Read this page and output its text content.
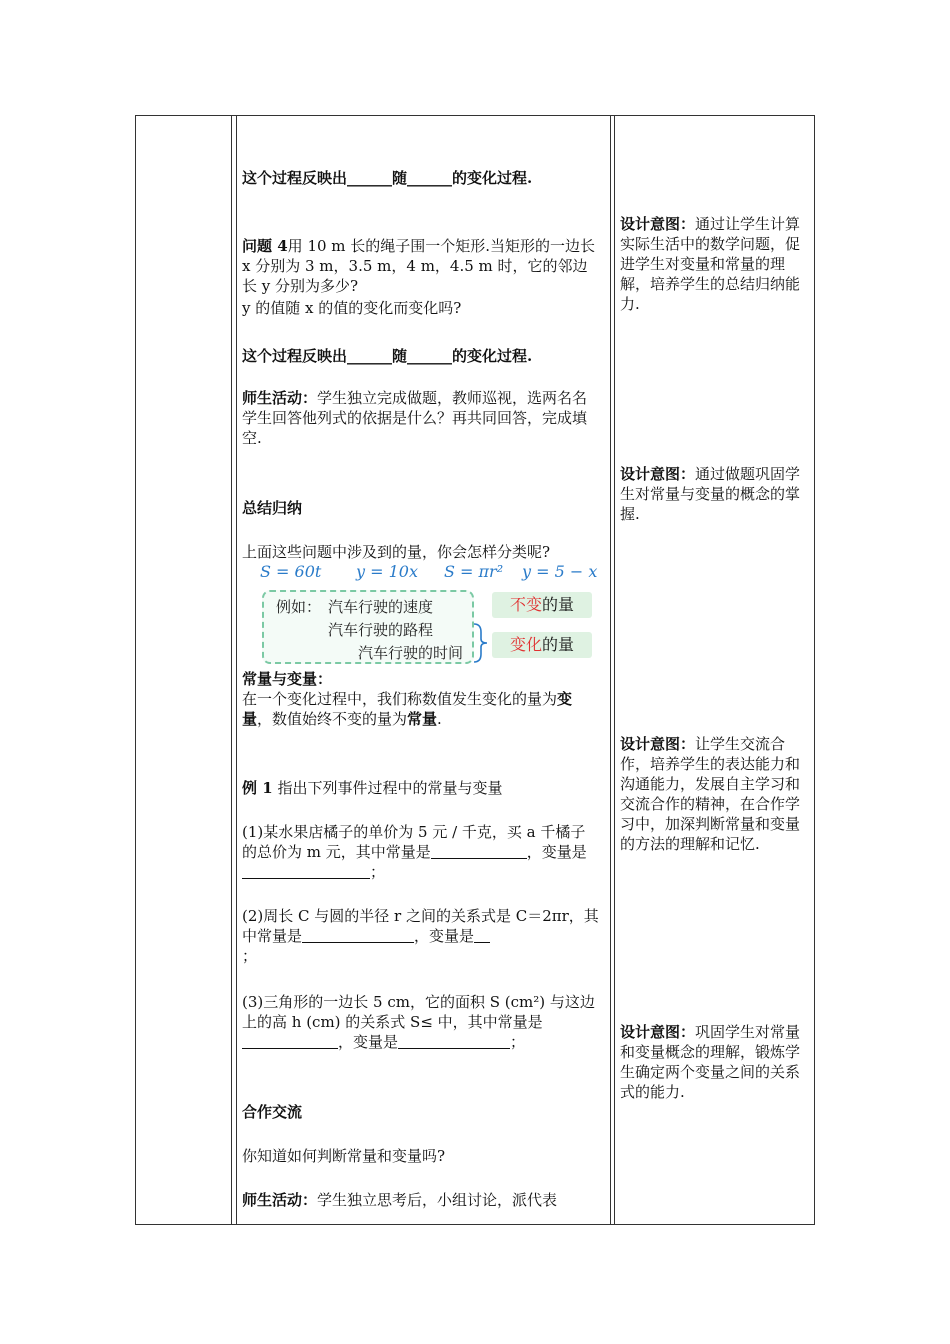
这个过程反映出______随______的变化过程.

问题 4用 10 m 长的绳子围一个矩形.当矩形的一边长 x 分别为 3 m，3.5 m，4 m，4.5 m 时，它的邻边长 y 分别为多少?

y 的值随 x 的值的变化而变化吗?

这个过程反映出______随______的变化过程.

师生活动：学生独立完成做题，教师巡视，选两名名学生回答他列式的依据是什么？再共同回答，完成填空.

总结归纳

上面这些问题中涉及到的量，你会怎样分类呢?

S = 60t y = 10x S = πr² y = 5 − x
例如： 汽车行驶的速度
汽车行驶的路程
汽车行驶的时间
不变的量
变化的量

常量与变量：

在一个变化过程中，我们称数值发生变化的量为变量，数值始终不变的量为常量.

例 1 指出下列事件过程中的常量与变量

(1)某水果店橘子的单价为 5 元 / 千克，买 a 千橘子的总价为 m 元，其中常量是	，变量是；

(2)周长 C 与圆的半径 r 之间的关系式是 C＝2πr，其中常量是	，变量是
；

(3)三角形的一边长 5 cm，它的面积 S (cm²) 与这边上的高 h (cm) 的关系式 S≤ 中，其中常量是，变量是	；

合作交流

你知道如何判断常量和变量吗?

师生活动：学生独立思考后，小组讨论，派代表

设计意图：通过让学生计算实际生活中的数学问题，促进学生对变量和常量的理解，培养学生的总结归纳能力.

设计意图：通过做题巩固学生对常量与变量的概念的掌握.

设计意图：让学生交流合作，培养学生的表达能力和沟通能力，发展自主学习和交流合作的精神，在合作学习中，加深判断常量和变量的方法的理解和记忆.

设计意图：巩固学生对常量和变量概念的理解，锻炼学生确定两个变量之间的关系式的能力.
